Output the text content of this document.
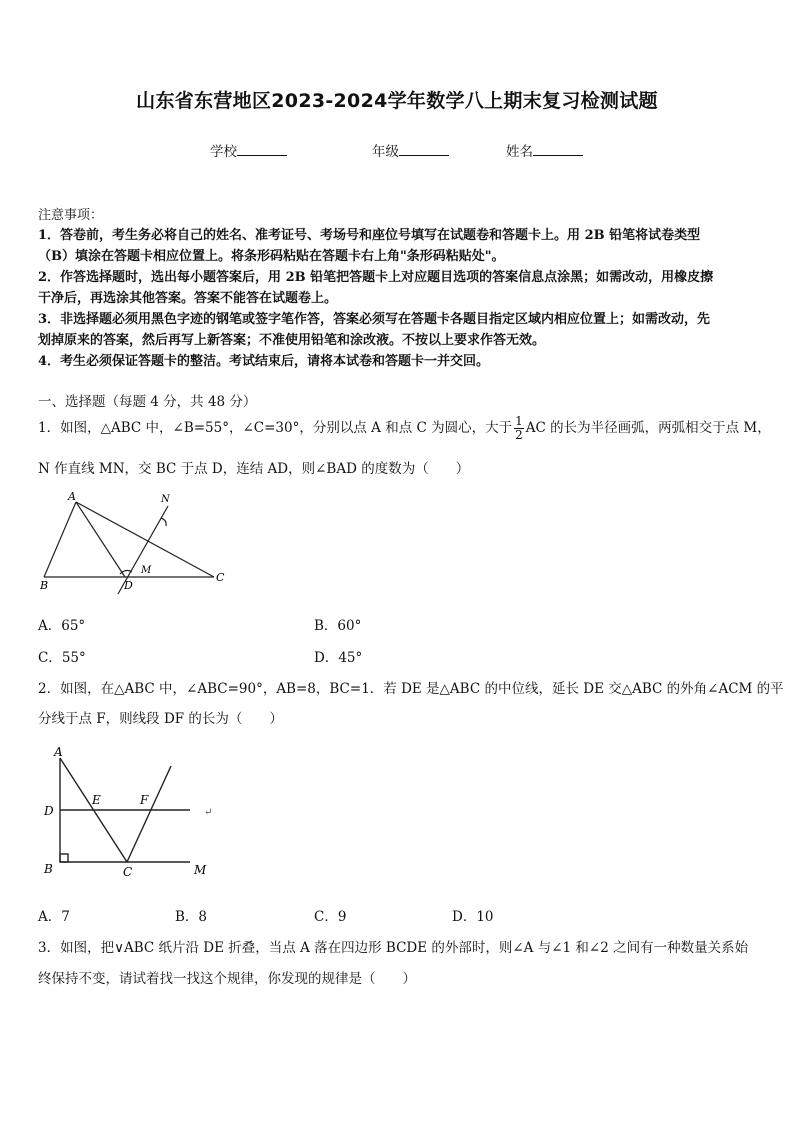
山东省东营地区2023-2024学年数学八上期末复习检测试题
学校	年级	姓名
注意事项：
1．答卷前，考生务必将自己的姓名、准考证号、考场号和座位号填写在试题卷和答题卡上。用 2B 铅笔将试卷类型
（B）填涂在答题卡相应位置上。将条形码粘贴在答题卡右上角"条形码粘贴处"。
2．作答选择题时，选出每小题答案后，用 2B 铅笔把答题卡上对应题目选项的答案信息点涂黑；如需改动，用橡皮擦
干净后，再选涂其他答案。答案不能答在试题卷上。
3．非选择题必须用黑色字迹的钢笔或签字笔作答，答案必须写在答题卡各题目指定区域内相应位置上；如需改动，先
划掉原来的答案，然后再写上新答案；不准使用铅笔和涂改液。不按以上要求作答无效。
4．考生必须保证答题卡的整洁。考试结束后，请将本试卷和答题卡一并交回。
一、选择题（每题 4 分，共 48 分）
1．如图，△ABC 中，∠B=55°，∠C=30°，分别以点 A 和点 C 为圆心，大于 $\frac{1}{2}$ AC 的长为半径画弧，两弧相交于点 M，
N 作直线 MN，交 BC 于点 D，连结 AD，则∠BAD 的度数为（　　）
A
B
C
D
M
N
A．65°	B．60°
C．55°	D．45°
2．如图，在△ABC 中，∠ABC=90°，AB=8，BC=1．若 DE 是△ABC 的中位线，延长 DE 交△ABC 的外角∠ACM 的平
分线于点 F，则线段 DF 的长为（　　）
A
D
E	F
B	C	M
↵
A．7	B．8	C．9	D．10
3．如图，把∨ABC 纸片沿 DE 折叠，当点 A 落在四边形 BCDE 的外部时，则∠A 与∠1 和∠2 之间有一种数量关系始
终保持不变，请试着找一找这个规律，你发现的规律是（　　）
